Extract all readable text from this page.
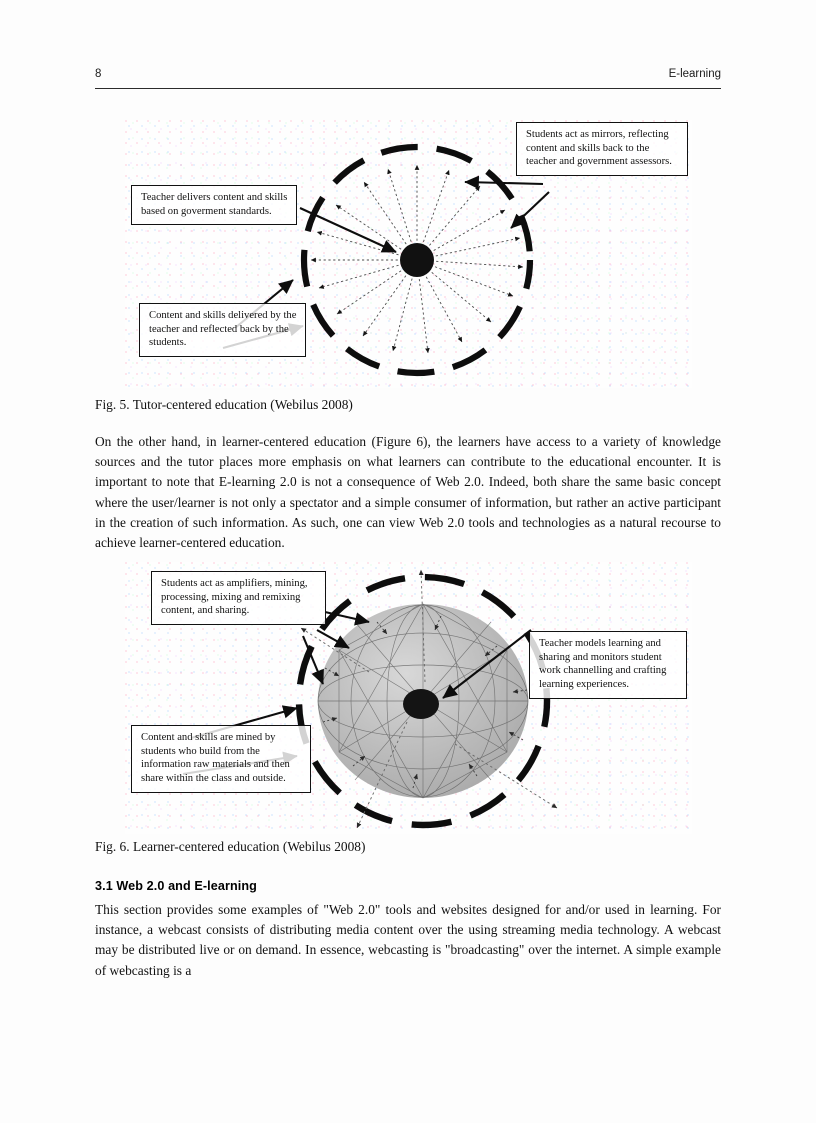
8	E-learning
Students act as mirrors, reflecting content and skills back to the teacher and government assessors.
Teacher delivers content and skills based on goverment standards.
Content and skills delivered by the teacher and reflected back by the students.
Fig. 5. Tutor-centered education (Webilus 2008)
On the other hand, in learner-centered education (Figure 6), the learners have access to a variety of knowledge sources and the tutor places more emphasis on what learners can contribute to the educational encounter. It is important to note that E-learning 2.0 is not a consequence of Web 2.0. Indeed, both share the same basic concept where the user/learner is not only a spectator and a simple consumer of information, but rather an active participant in the creation of such information. As such, one can view Web 2.0 tools and technologies as a natural recourse to achieve learner-centered education.
Students act as amplifiers, mining, processing, mixing and remixing content, and sharing.
Teacher models learning and sharing and monitors student work channelling and crafting learning experiences.
Content and skills are mined by students who build from the information raw materials and then share within the class and outside.
Fig. 6. Learner-centered education (Webilus 2008)
3.1 Web 2.0 and E-learning
This section provides some examples of "Web 2.0" tools and websites designed for and/or used in learning. For instance, a webcast consists of distributing media content over the using streaming media technology. A webcast may be distributed live or on demand. In essence, webcasting is "broadcasting" over the internet. A simple example of webcasting is a
